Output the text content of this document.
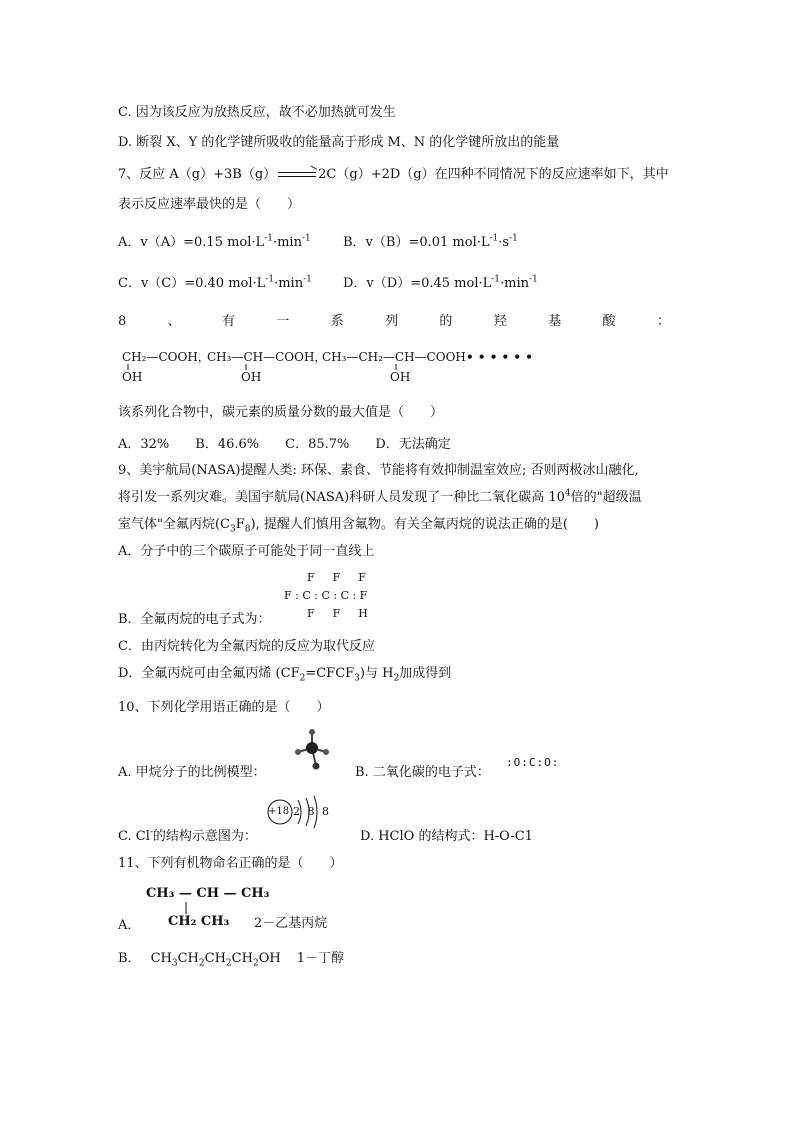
C. 因为该反应为放热反应，故不必加热就可发生
D. 断裂 X、Y 的化学键所吸收的能量高于形成 M、N 的化学键所放出的能量
7、反应 A（g）+3B（g） → 2C（g）+2D（g）在四种不同情况下的反应速率如下，其中
表示反应速率最快的是（　　）
A．v（A）=0.15 $mol\cdot L^{-1}\cdot\min^{-1}$ B．v（B）=0.01 $mol\cdot L^{-1}\cdot s^{-1}$
C．v（C）=0.40 $mol\cdot L^{-1}\cdot\min^{-1}$ D．v（D）=0.45 $mol\cdot L^{-1}\cdot\min^{-1}$
8	、	有	一	系	列	的	羟	基	酸	：
CH₂—COOH，
OH
CH₃—CH—COOH，
OH
CH₃—CH₂—CH—COOH
OH
• • • • • •
该系列化合物中，碳元素的质量分数的最大值是（　　）
A．32%　　B．46.6%　　C．85.7%　　D．无法确定
9、美宇航局(NASA)提醒人类: 环保、素食、节能将有效抑制温室效应; 否则两极冰山融化,
将引发一系列灾难。美国宇航局(NASA)科研人员发现了一种比二氧化碳高 $10^4$倍的"超级温
室气体"全氟丙烷$(C_3F_8)$, 提醒人们慎用含氟物。有关全氟丙烷的说法正确的是(　　)
A．分子中的三个碳原子可能处于同一直线上
FFF
F : C : C : C : F
FFH
B．全氟丙烷的电子式为：
C．由丙烷转化为全氟丙烷的反应为取代反应
D．全氟丙烷可由全氟丙烯 $(CF_2=CFCF_3)$与 $H_2$加成得到
10、下列化学用语正确的是（　　）
A. 甲烷分子的比例模型：	B. 二氧化碳的电子式：
:O:C:O:
+18 2 8 8
C. Cl-的结构示意图为：	D. HClO 的结构式：H-O-C1
11、下列有机物命名正确的是（　　）
CH₃ — CH — CH₃
A． CH₂ CH₃ 2－乙基丙烷
B． $CH_3CH_2CH_2CH_2OH$ 1－丁醇
